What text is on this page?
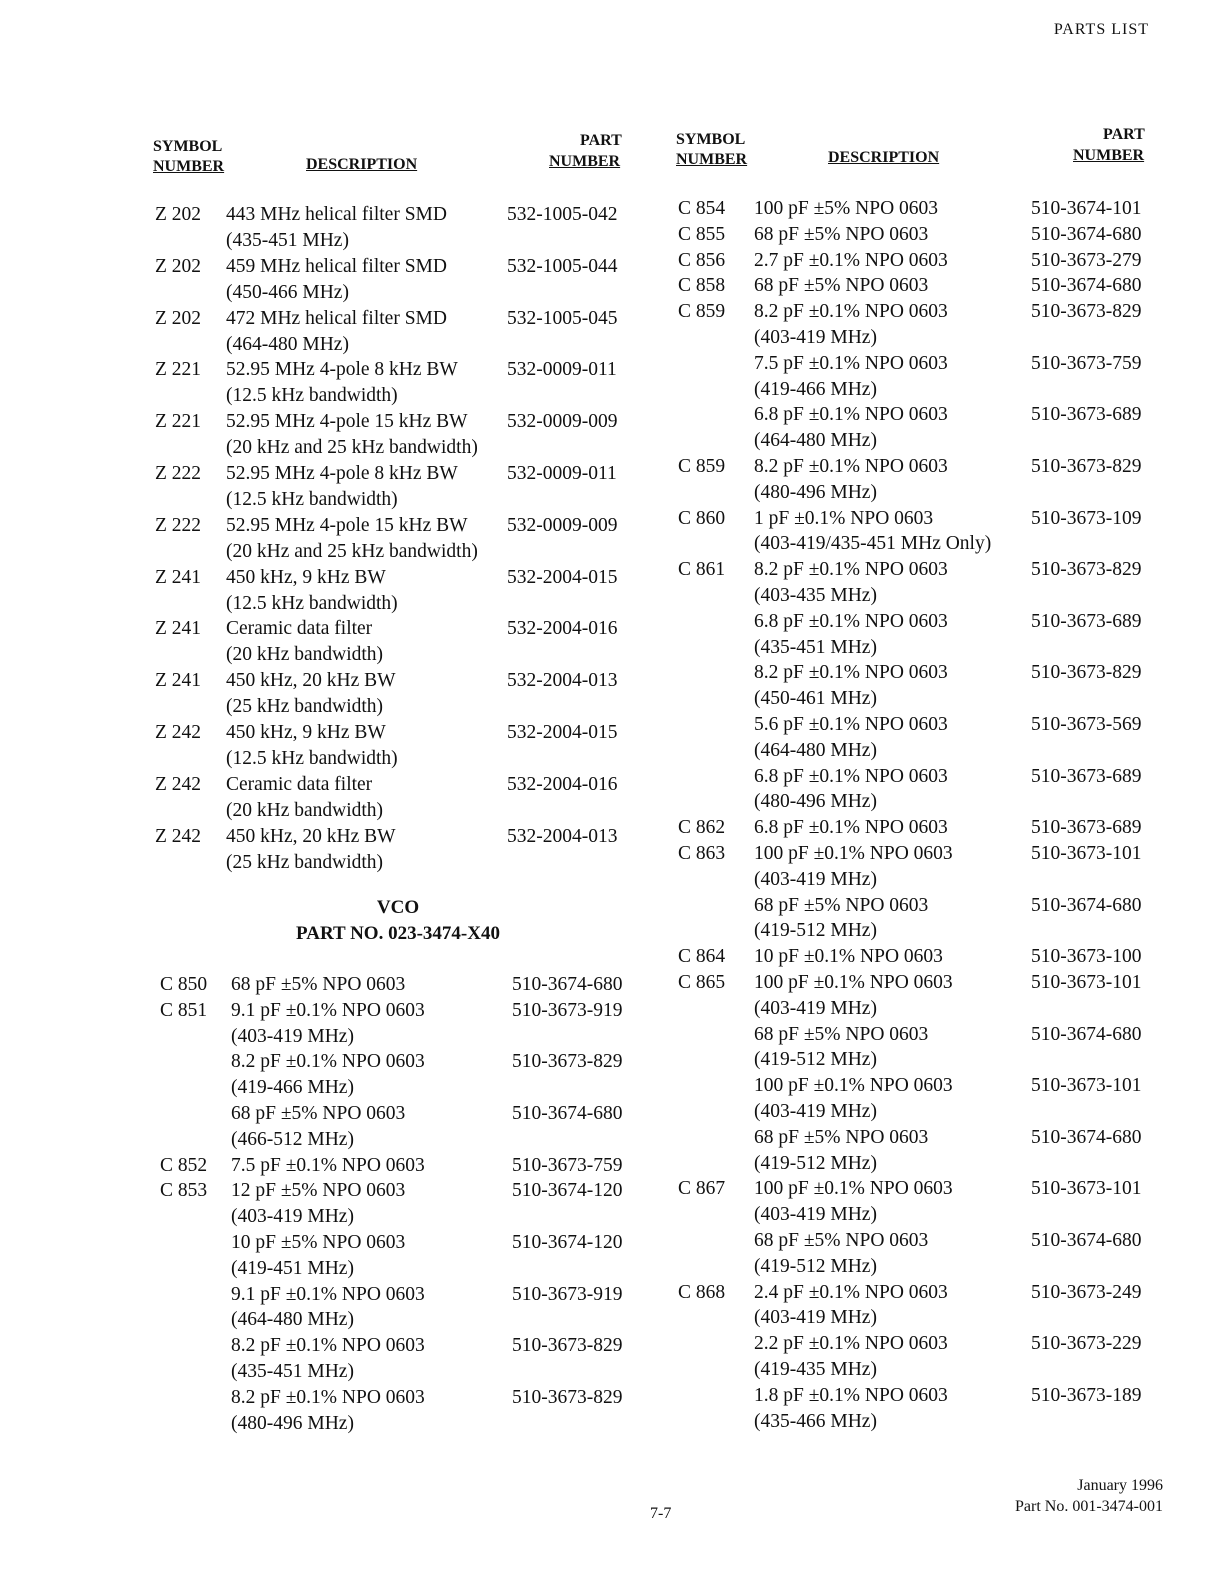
PARTS LIST
SYMBOL
NUMBER	DESCRIPTION
PART
NUMBER
SYMBOL
NUMBER	DESCRIPTION
PART
NUMBER
Z 202 443 MHz helical filter SMD	532-1005-042
(435-451 MHz)
Z 202 459 MHz helical filter SMD	532-1005-044
(450-466 MHz)
Z 202 472 MHz helical filter SMD	532-1005-045
(464-480 MHz)
Z 221 52.95 MHz 4-pole 8 kHz BW	532-0009-011
(12.5 kHz bandwidth)
Z 221 52.95 MHz 4-pole 15 kHz BW 532-0009-009
(20 kHz and 25 kHz bandwidth)
Z 222 52.95 MHz 4-pole 8 kHz BW	532-0009-011
(12.5 kHz bandwidth)
Z 222 52.95 MHz 4-pole 15 kHz BW 532-0009-009
(20 kHz and 25 kHz bandwidth)
Z 241 450 kHz, 9 kHz BW	532-2004-015
(12.5 kHz bandwidth)
Z 241 Ceramic data filter	532-2004-016
(20 kHz bandwidth)
Z 241 450 kHz, 20 kHz BW	532-2004-013
(25 kHz bandwidth)
Z 242 450 kHz, 9 kHz BW	532-2004-015
(12.5 kHz bandwidth)
Z 242 Ceramic data filter	532-2004-016
(20 kHz bandwidth)
Z 242 450 kHz, 20 kHz BW	532-2004-013
(25 kHz bandwidth)
VCO
PART NO. 023-3474-X40
C 850 68 pF ±5% NPO 0603	510-3674-680
C 851 9.1 pF ±0.1% NPO 0603	510-3673-919
(403-419 MHz)
8.2 pF ±0.1% NPO 0603	510-3673-829
(419-466 MHz)
68 pF ±5% NPO 0603	510-3674-680
(466-512 MHz)
C 852 7.5 pF ±0.1% NPO 0603	510-3673-759
C 853 12 pF ±5% NPO 0603	510-3674-120
(403-419 MHz)
10 pF ±5% NPO 0603	510-3674-120
(419-451 MHz)
9.1 pF ±0.1% NPO 0603	510-3673-919
(464-480 MHz)
8.2 pF ±0.1% NPO 0603	510-3673-829
(435-451 MHz)
8.2 pF ±0.1% NPO 0603	510-3673-829
(480-496 MHz)
C 854 100 pF ±5% NPO 0603	510-3674-101
C 855 68 pF ±5% NPO 0603	510-3674-680
C 856 2.7 pF ±0.1% NPO 0603	510-3673-279
C 858 68 pF ±5% NPO 0603	510-3674-680
C 859 8.2 pF ±0.1% NPO 0603	510-3673-829
(403-419 MHz)
7.5 pF ±0.1% NPO 0603	510-3673-759
(419-466 MHz)
6.8 pF ±0.1% NPO 0603	510-3673-689
(464-480 MHz)
C 859 8.2 pF ±0.1% NPO 0603	510-3673-829
(480-496 MHz)
C 860 1 pF ±0.1% NPO 0603	510-3673-109
(403-419/435-451 MHz Only)
C 861 8.2 pF ±0.1% NPO 0603	510-3673-829
(403-435 MHz)
6.8 pF ±0.1% NPO 0603	510-3673-689
(435-451 MHz)
8.2 pF ±0.1% NPO 0603	510-3673-829
(450-461 MHz)
5.6 pF ±0.1% NPO 0603	510-3673-569
(464-480 MHz)
6.8 pF ±0.1% NPO 0603	510-3673-689
(480-496 MHz)
C 862 6.8 pF ±0.1% NPO 0603	510-3673-689
C 863 100 pF ±0.1% NPO 0603	510-3673-101
(403-419 MHz)
68 pF ±5% NPO 0603	510-3674-680
(419-512 MHz)
C 864 10 pF ±0.1% NPO 0603	510-3673-100
C 865 100 pF ±0.1% NPO 0603	510-3673-101
(403-419 MHz)
68 pF ±5% NPO 0603	510-3674-680
(419-512 MHz)
100 pF ±0.1% NPO 0603	510-3673-101
(403-419 MHz)
68 pF ±5% NPO 0603	510-3674-680
(419-512 MHz)
C 867 100 pF ±0.1% NPO 0603	510-3673-101
(403-419 MHz)
68 pF ±5% NPO 0603	510-3674-680
(419-512 MHz)
C 868 2.4 pF ±0.1% NPO 0603	510-3673-249
(403-419 MHz)
2.2 pF ±0.1% NPO 0603	510-3673-229
(419-435 MHz)
1.8 pF ±0.1% NPO 0603	510-3673-189
(435-466 MHz)
7-7
January 1996
Part No. 001-3474-001
